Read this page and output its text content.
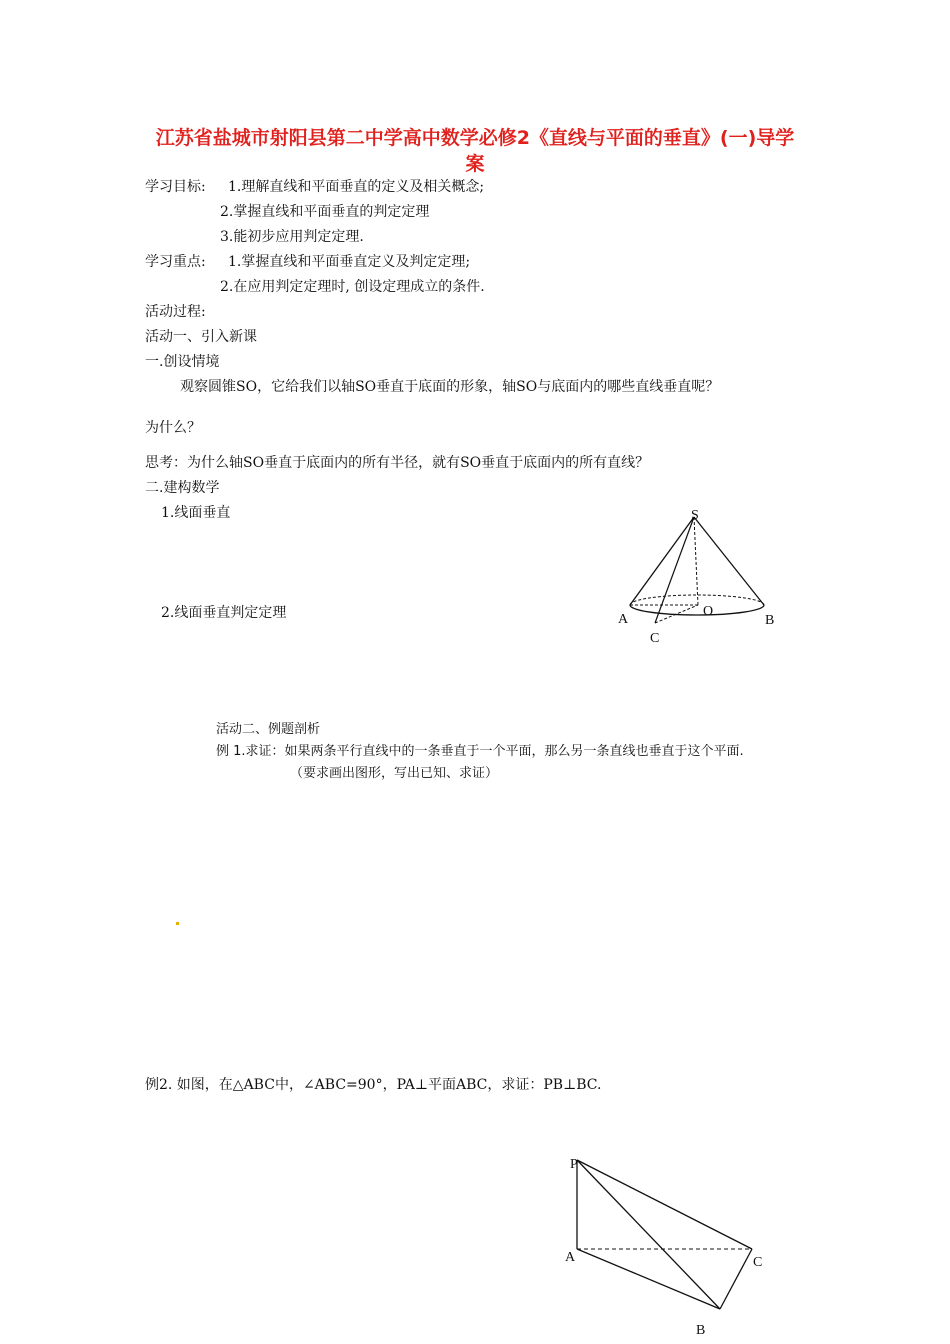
江苏省盐城市射阳县第二中学高中数学必修2《直线与平面的垂直》(一)导学案
学习目标: 1.理解直线和平面垂直的定义及相关概念;
2.掌握直线和平面垂直的判定定理
3.能初步应用判定定理.
学习重点: 1.掌握直线和平面垂直定义及判定定理;
2.在应用判定定理时, 创设定理成立的条件.
活动过程:
活动一、引入新课
一.创设情境
观察圆锥SO，它给我们以轴SO垂直于底面的形象，轴SO与底面内的哪些直线垂直呢？
为什么？
思考：为什么轴SO垂直于底面内的所有半径，就有SO垂直于底面内的所有直线？
二.建构数学
1.线面垂直
2.线面垂直判定定理
S
A
O
B
C
活动二、例题剖析
例 1.求证：如果两条平行直线中的一条垂直于一个平面，那么另一条直线也垂直于这个平面.
（要求画出图形，写出已知、求证）
例2. 如图，在△ABC中，∠ABC=90°，PA⊥平面ABC，求证：PB⊥BC.
P
A	C
B
